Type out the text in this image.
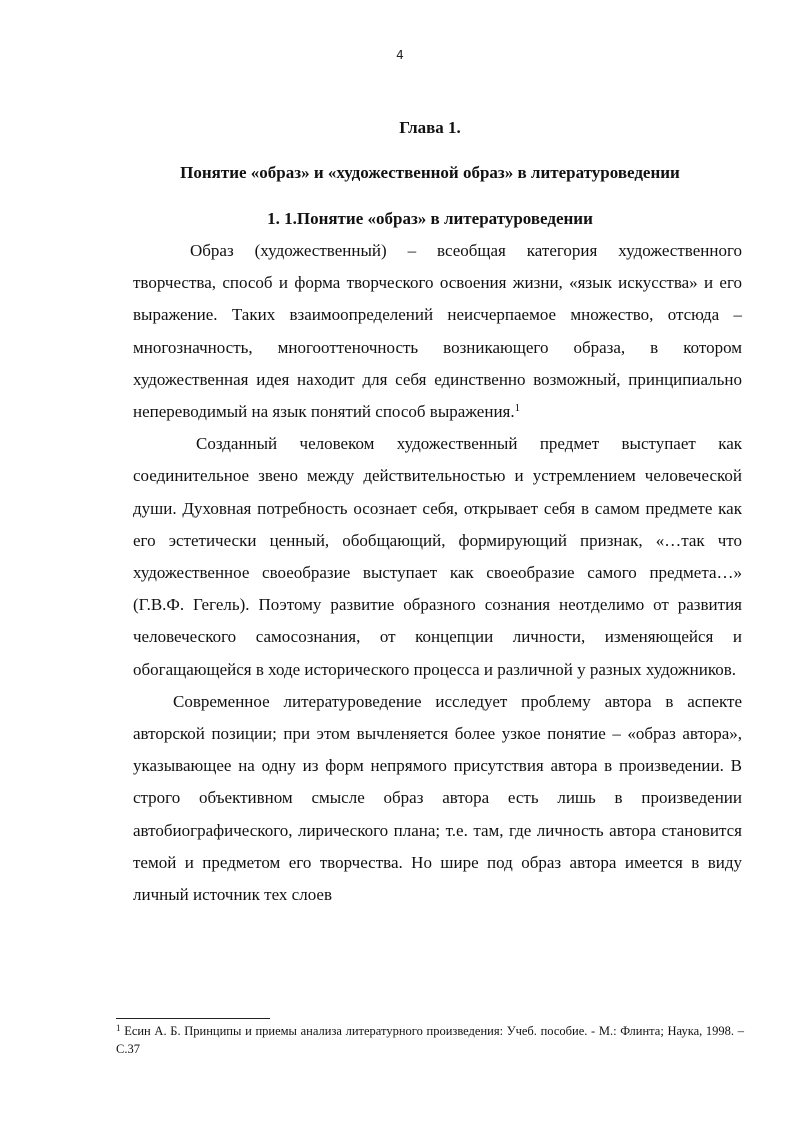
4
Глава 1.
Понятие «образ» и «художественной образ» в литературоведении
1. 1.Понятие «образ» в литературоведении

Образ (художественный) – всеобщая категория художественного творчества, способ и форма творческого освоения жизни, «язык искусства» и его выражение. Таких взаимоопределений неисчерпаемое множество, отсюда – многозначность, многооттеночность возникающего образа, в котором художественная идея находит для себя единственно возможный, принципиально непереводимый на язык понятий способ выражения.$^1$

Созданный человеком художественный предмет выступает как соединительное звено между действительностью и устремлением человеческой души. Духовная потребность осознает себя, открывает себя в самом предмете как его эстетически ценный, обобщающий, формирующий признак, «…так что художественное своеобразие выступает как своеобразие самого предмета…» (Г.В.Ф. Гегель). Поэтому развитие образного сознания неотделимо от развития человеческого самосознания, от концепции личности, изменяющейся и обогащающейся в ходе исторического процесса и различной у разных художников.

Современное литературоведение исследует проблему автора в аспекте авторской позиции; при этом вычленяется более узкое понятие – «образ автора», указывающее на одну из форм непрямого присутствия автора в произведении. В строго объективном смысле образ автора есть лишь в произведении автобиографического, лирического плана; т.е. там, где личность автора становится темой и предметом его творчества. Но шире под образ автора имеется в виду личный источник тех слоев

$^1$ Есин А. Б. Принципы и приемы анализа литературного произведения: Учеб. пособие. - М.: Флинта; Наука, 1998. – С.37
